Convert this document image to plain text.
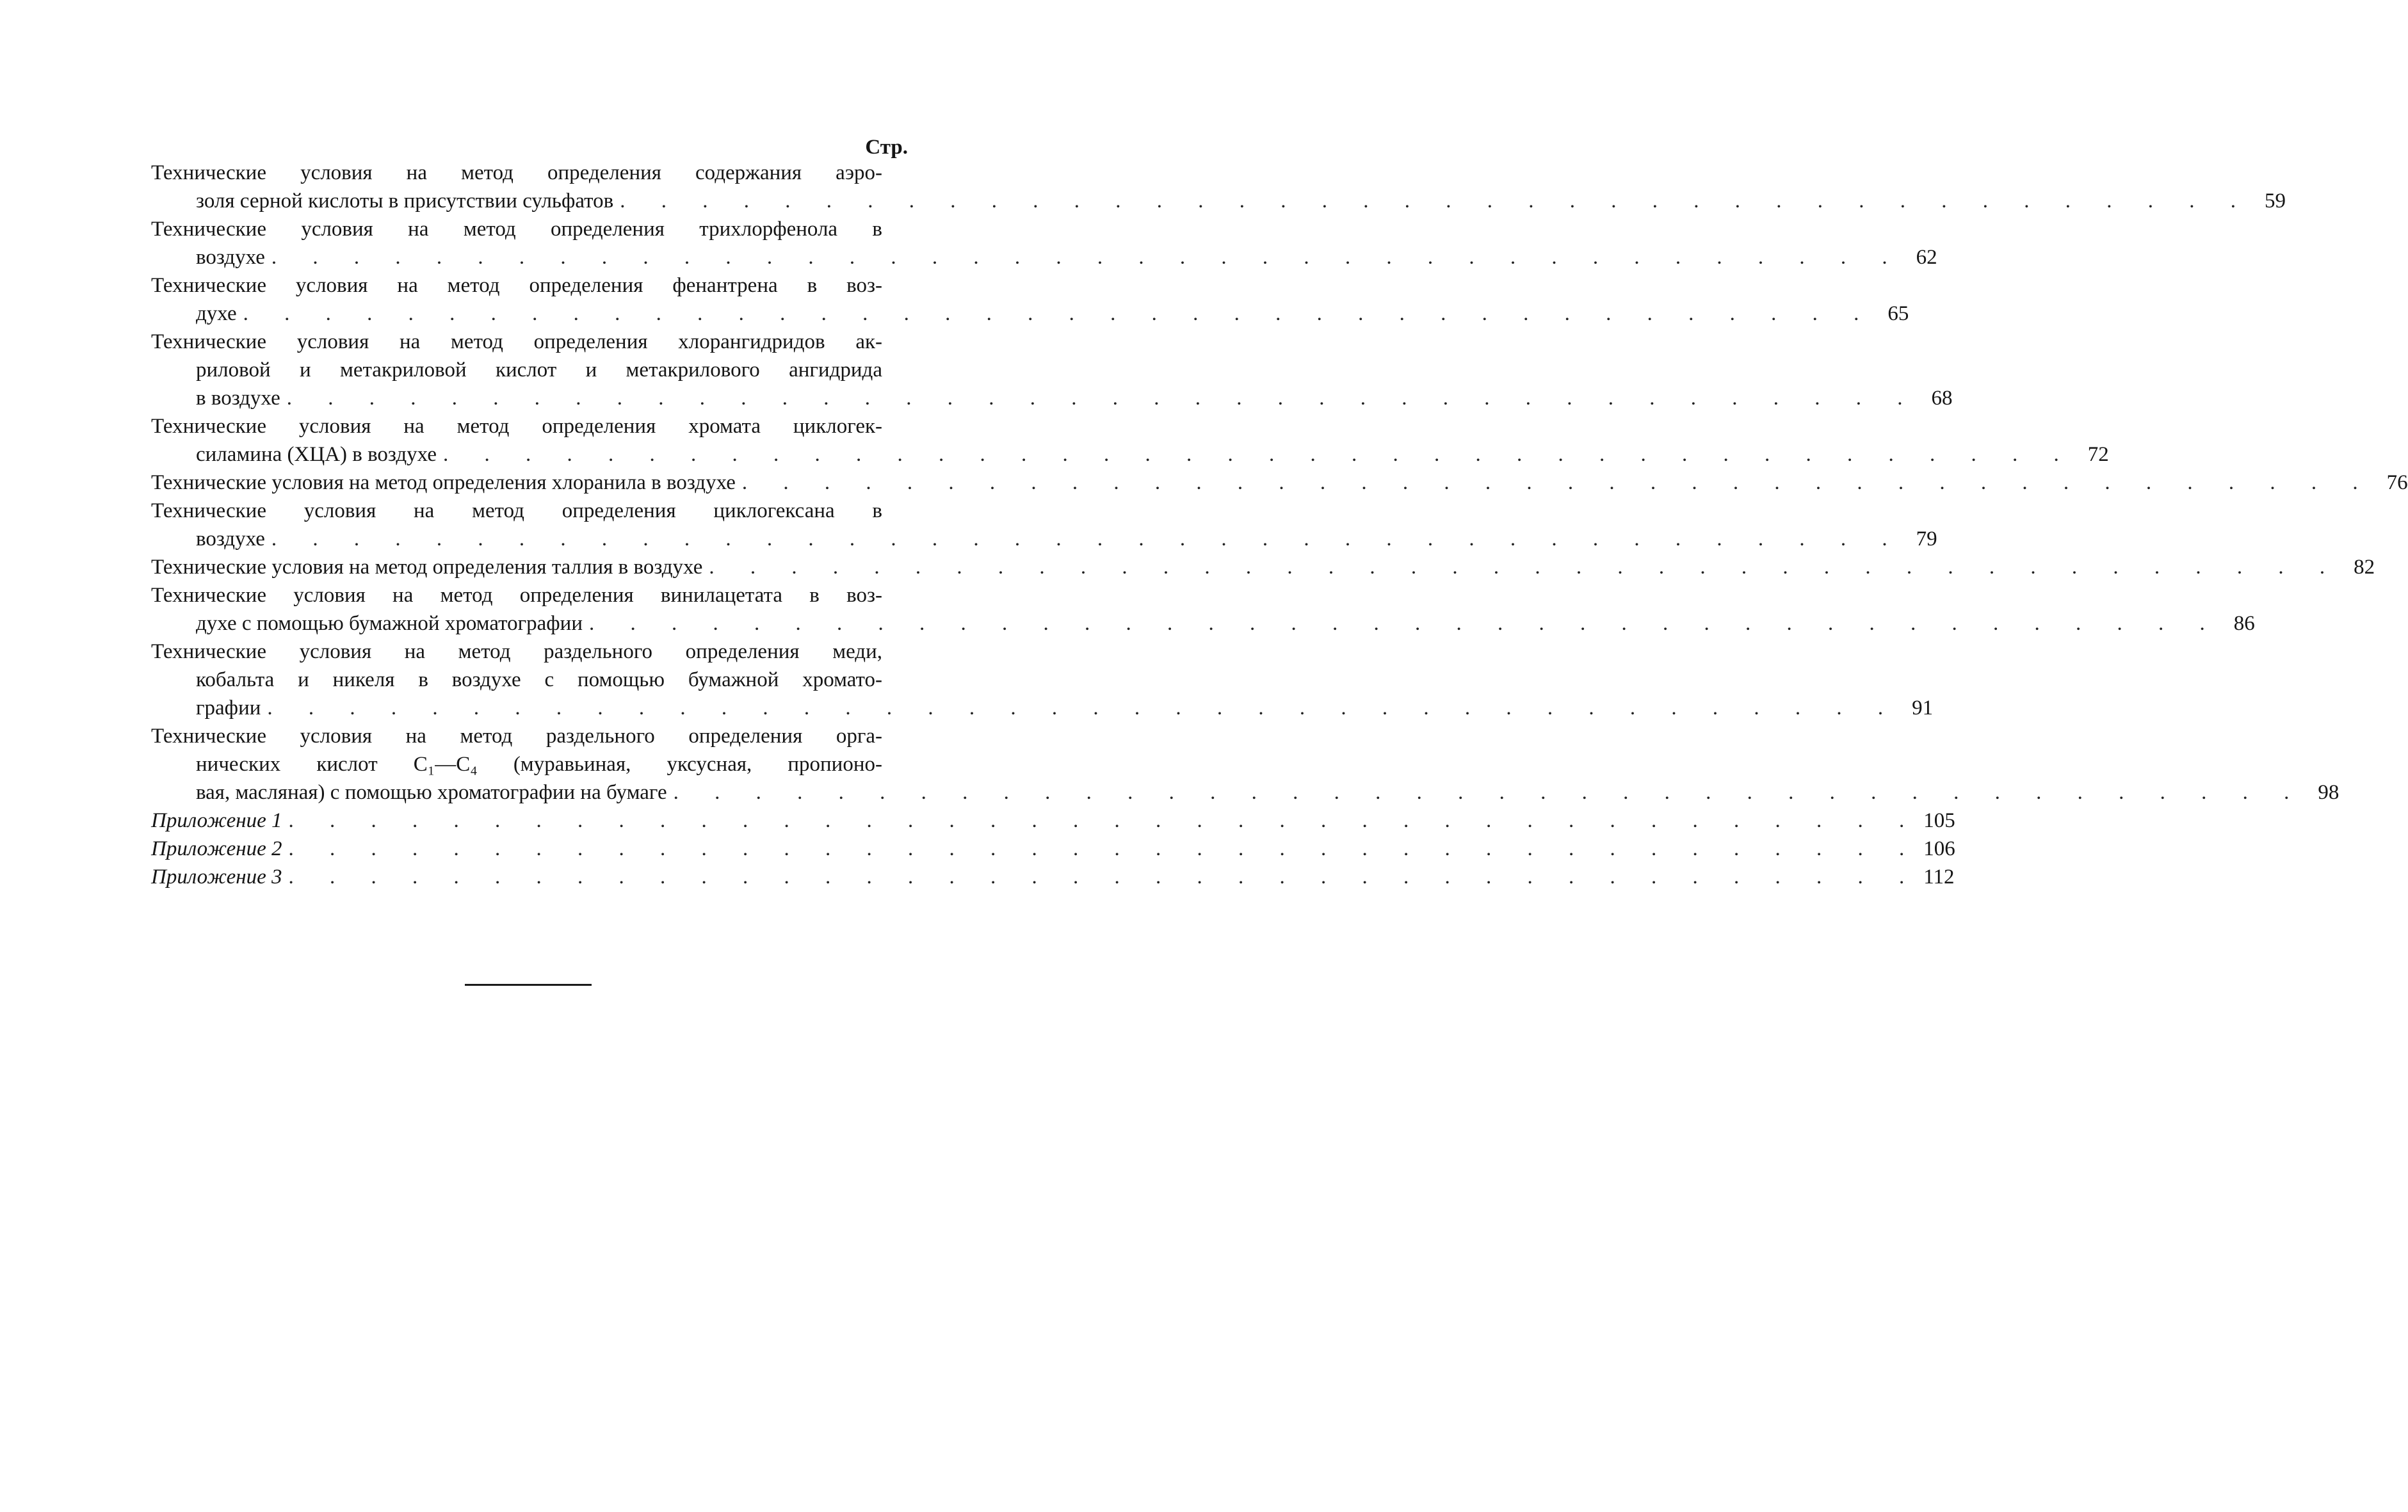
Стр.
Технические условия на метод определения содержания аэро-
золя серной кислоты в присутствии сульфатов . . . . . . . . . . . . . . . . . . . . . . . . . . . . . . . . . . . . . . . . 59
Технические условия на метод определения трихлорфенола в
воздухе . . . . . . . . . . . . . . . . . . . . . . . . . . . . . . . . . . . . . . . . 62
Технические условия на метод определения фенантрена в воз-
духе . . . . . . . . . . . . . . . . . . . . . . . . . . . . . . . . . . . . . . . . 65
Технические условия на метод определения хлорангидридов ак-
риловой и метакриловой кислот и метакрилового ангидрида
в воздухе . . . . . . . . . . . . . . . . . . . . . . . . . . . . . . . . . . . . . . . . 68
Технические условия на метод определения хромата циклогек-
силамина (ХЦА) в воздухе . . . . . . . . . . . . . . . . . . . . . . . . . . . . . . . . . . . . . . . . 72
Технические условия на метод определения хлоранила в воздухе . . . . . . . . . . . . . . . . . . . . . . . . . . . . . . . . . . . . . . . . 76
Технические условия на метод определения циклогексана в
воздухе . . . . . . . . . . . . . . . . . . . . . . . . . . . . . . . . . . . . . . . . 79
Технические условия на метод определения таллия в воздухе . . . . . . . . . . . . . . . . . . . . . . . . . . . . . . . . . . . . . . . . 82
Технические условия на метод определения винилацетата в воз-
духе с помощью бумажной хроматографии . . . . . . . . . . . . . . . . . . . . . . . . . . . . . . . . . . . . . . . . 86
Технические условия на метод раздельного определения меди,
кобальта и никеля в воздухе с помощью бумажной хромато-
графии . . . . . . . . . . . . . . . . . . . . . . . . . . . . . . . . . . . . . . . . 91
Технические условия на метод раздельного определения орга-
нических кислот C₁—C₄ (муравьиная, уксусная, пропионо-
вая, масляная) с помощью хроматографии на бумаге . . . . . . . . . . . . . . . . . . . . . . . . . . . . . . . . . . . . . . . . 98
Приложение 1 . . . . . . . . . . . . . . . . . . . . . . . . . . . . . . . . . . . . . . . . 105
Приложение 2 . . . . . . . . . . . . . . . . . . . . . . . . . . . . . . . . . . . . . . . . 106
Приложение 3 . . . . . . . . . . . . . . . . . . . . . . . . . . . . . . . . . . . . . . . . 112
